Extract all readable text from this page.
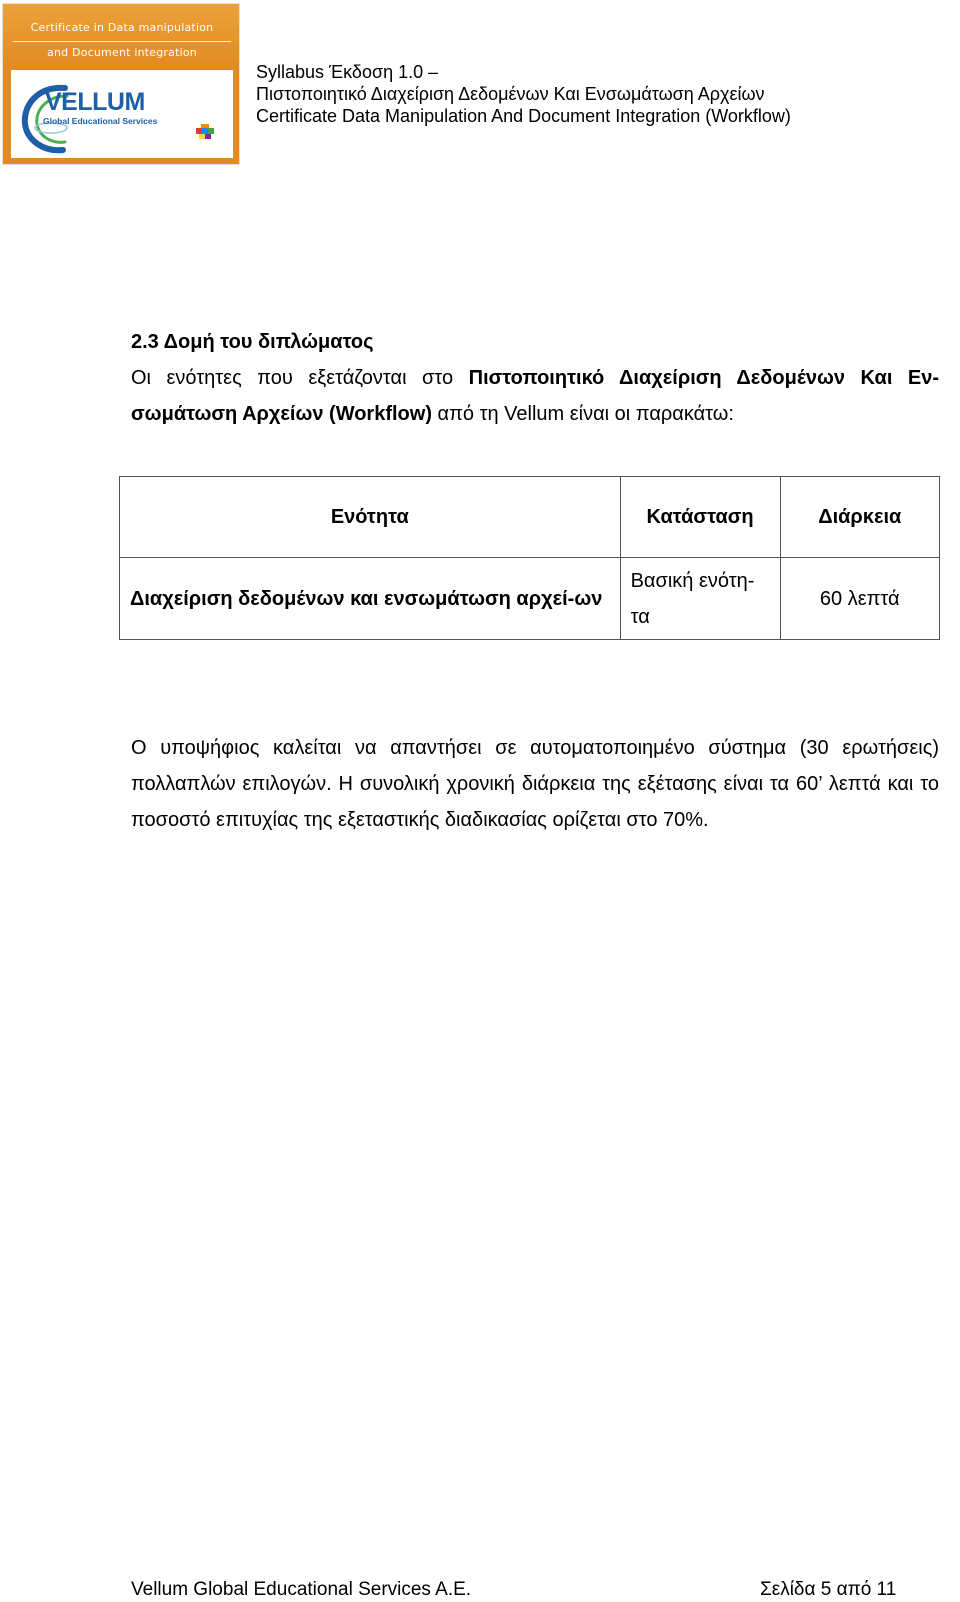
Certificate in Data manipulation
and Document integration
VELLUM
Global Educational Services
Syllabus Έκδοση 1.0 –
Πιστοποιητικό Διαχείριση Δεδομένων Και Ενσωμάτωση Αρχείων
Certificate Data Manipulation And Document Integration (Workflow)
2.3 Δομή του διπλώματος
Οι ενότητες που εξετάζονται στο Πιστοποιητικό Διαχείριση Δεδομένων Και Εν-σωμάτωση Αρχείων (Workflow) από τη Vellum είναι οι παρακάτω:
Ενότητα	Κατάσταση	Διάρκεια
Διαχείριση δεδομένων και ενσωμάτωση αρχεί-ων	Βασική ενότη-τα	60 λεπτά
Ο υποψήφιος καλείται να απαντήσει σε αυτοματοποιημένο σύστημα (30 ερωτήσεις) πολλαπλών επιλογών. Η συνολική χρονική διάρκεια της εξέτασης είναι τα 60’ λεπτά και το ποσοστό επιτυχίας της εξεταστικής διαδικασίας ορίζεται στο 70%.
Vellum Global Educational Services A.E.	Σελίδα 5 από 11
